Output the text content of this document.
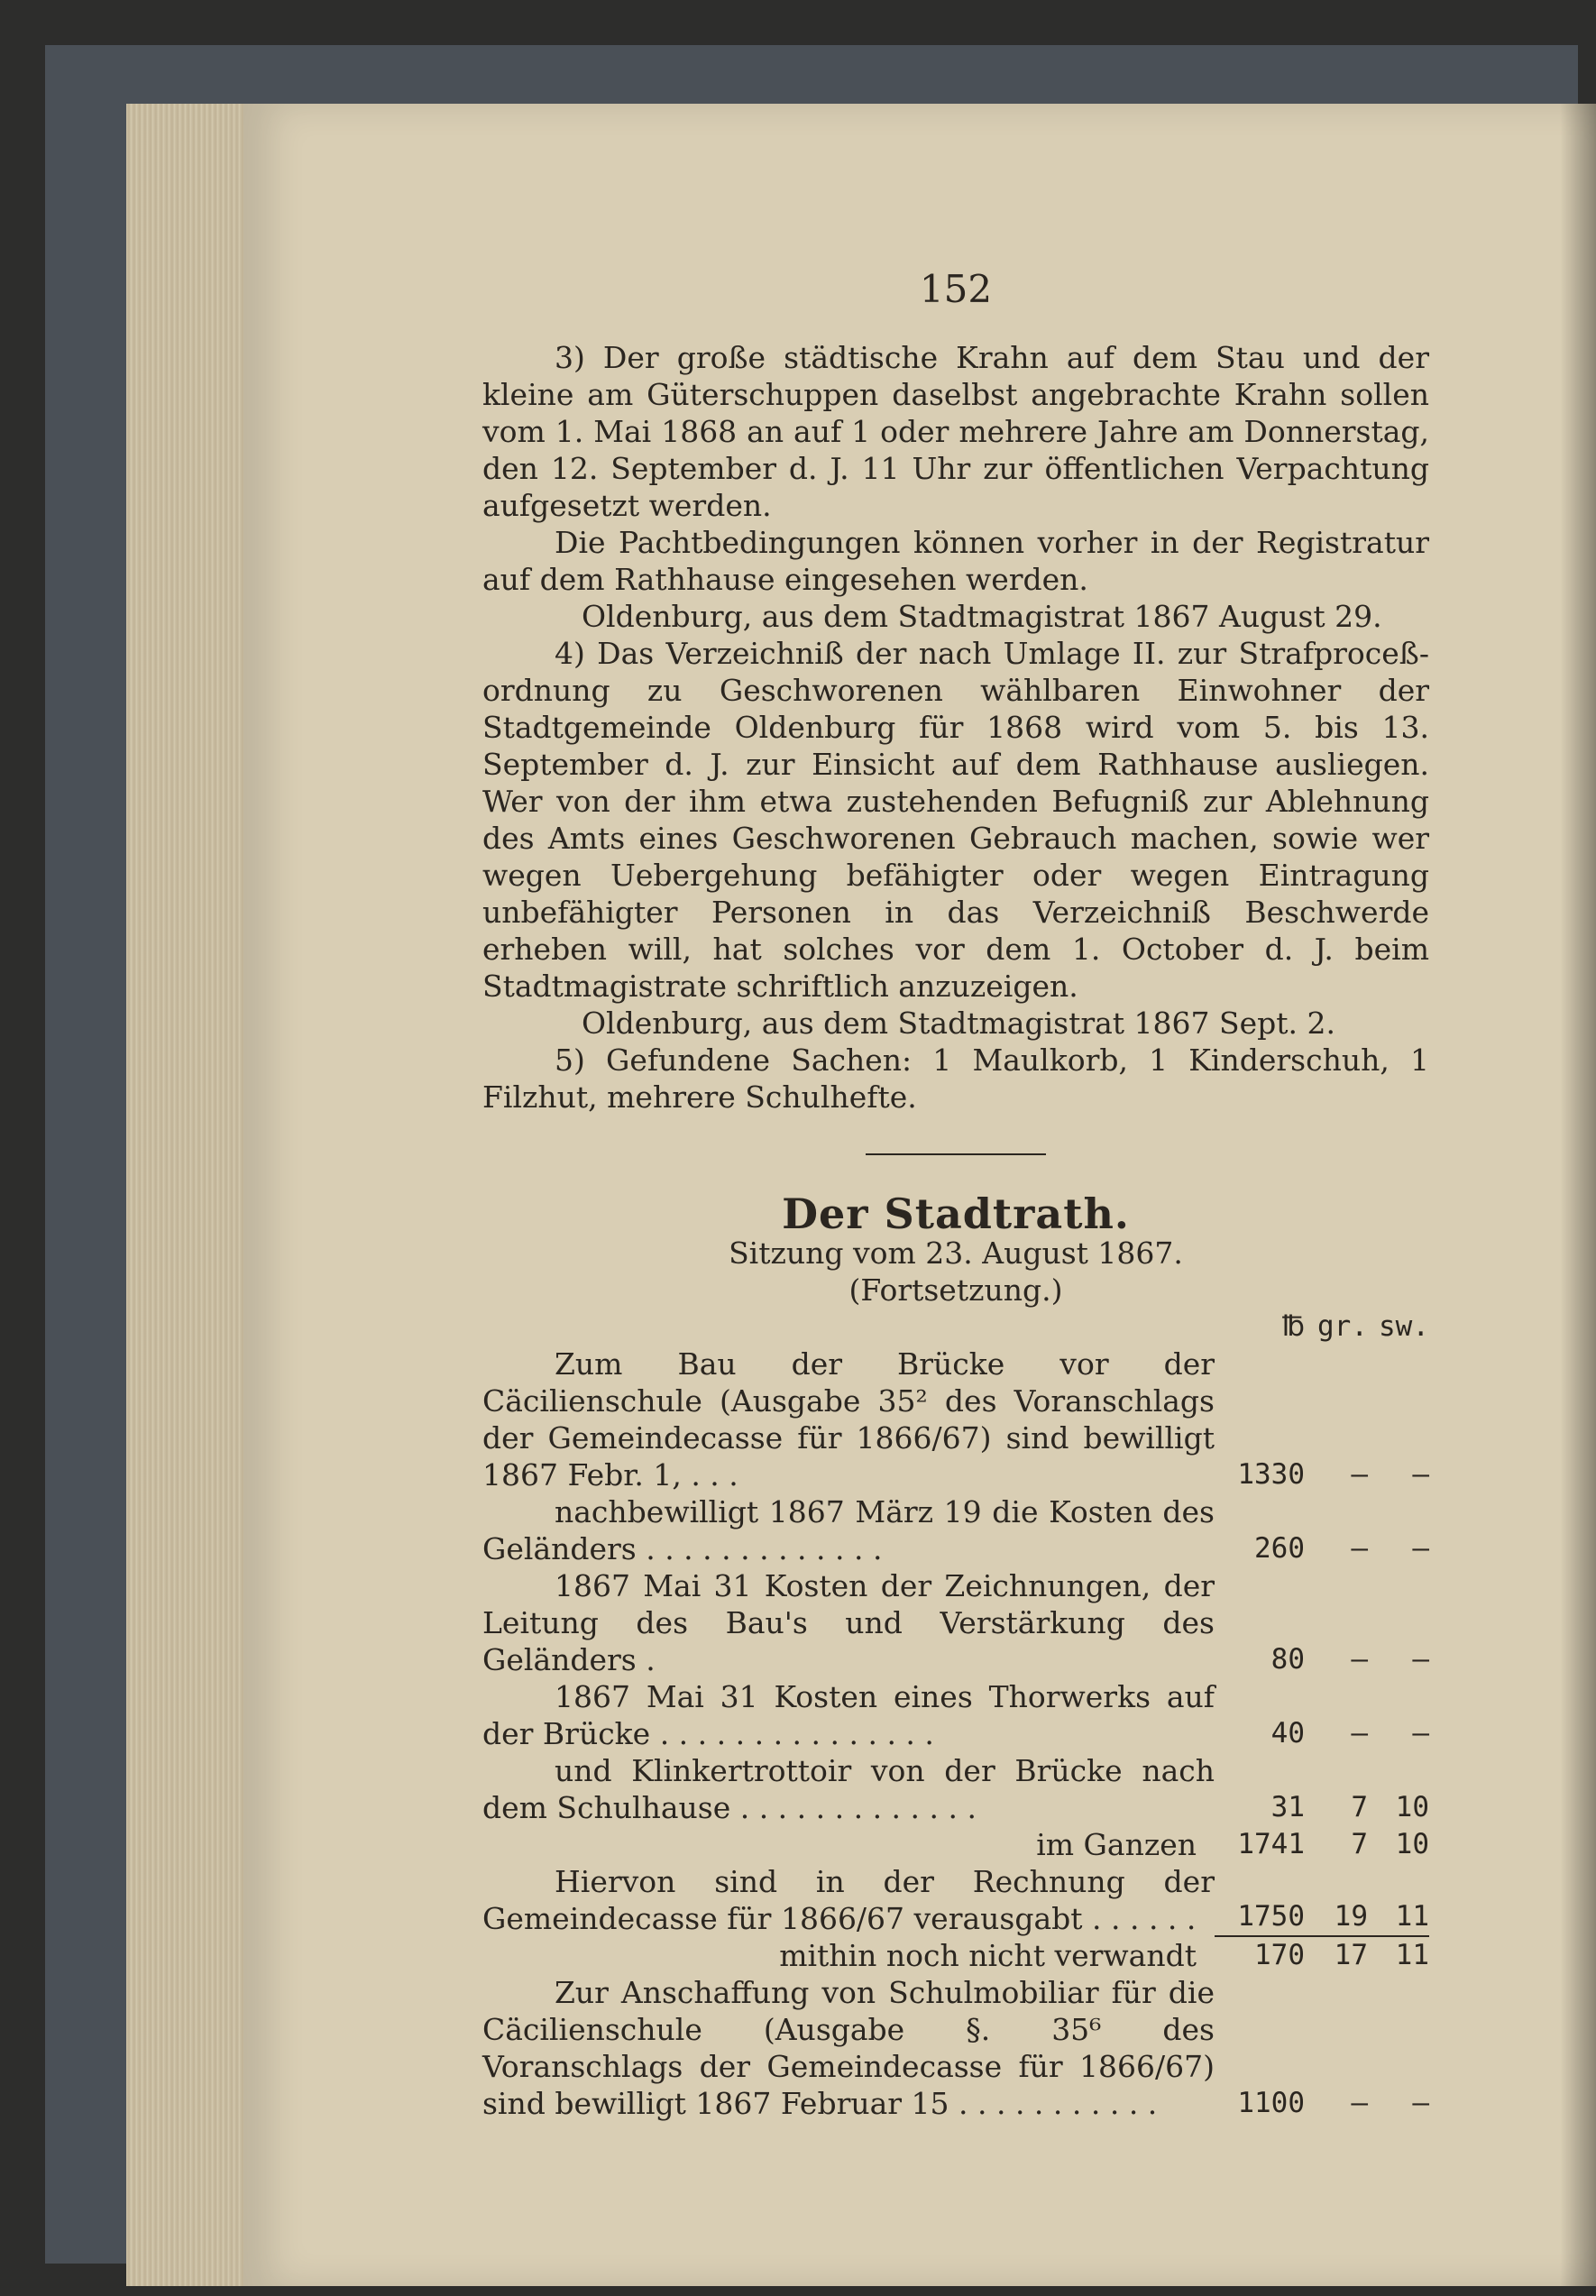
152

3) Der große städtische Krahn auf dem Stau und der kleine am Güterschuppen daselbst angebrachte Krahn sollen vom 1. Mai 1868 an auf 1 oder mehrere Jahre am Donnerstag, den 12. September d. J. 11 Uhr zur öffentlichen Verpachtung aufgesetzt werden.

Die Pachtbedingungen können vorher in der Registratur auf dem Rathhause eingesehen werden.

Oldenburg, aus dem Stadtmagistrat 1867 August 29.

4) Das Verzeichniß der nach Umlage II. zur Strafproceß-ordnung zu Geschworenen wählbaren Einwohner der Stadtgemeinde Oldenburg für 1868 wird vom 5. bis 13. September d. J. zur Einsicht auf dem Rathhause ausliegen. Wer von der ihm etwa zustehenden Befugniß zur Ablehnung des Amts eines Geschworenen Gebrauch machen, sowie wer wegen Uebergehung befähigter oder wegen Eintragung unbefähigter Personen in das Verzeichniß Beschwerde erheben will, hat solches vor dem 1. October d. J. beim Stadtmagistrate schriftlich anzuzeigen.

Oldenburg, aus dem Stadtmagistrat 1867 Sept. 2.

5) Gefundene Sachen: 1 Maulkorb, 1 Kinderschuh, 1 Filzhut, mehrere Schulhefte.

Der Stadtrath.

Sitzung vom 23. August 1867.

(Fortsetzung.)

℔ gr. sw.
Zum Bau der Brücke vor der Cäcilienschule (Ausgabe 35² des Voranschlags der Gemeindecasse für 1866/67) sind bewilligt 1867 Febr. 1, . . .	1330	—	—
nachbewilligt 1867 März 19 die Kosten des Geländers . . . . . . . . . . . . .	260	—	—
1867 Mai 31 Kosten der Zeichnungen, der Leitung des Bau's und Verstärkung des Geländers .	80	—	—
1867 Mai 31 Kosten eines Thorwerks auf der Brücke . . . . . . . . . . . . . . .	40	—	—
und Klinkertrottoir von der Brücke nach dem Schulhause . . . . . . . . . . . . .	31	7 10
im Ganzen	1741	7 10
Hiervon sind in der Rechnung der Gemeindecasse für 1866/67 verausgabt . . . . . .	1750	19 11
mithin noch nicht verwandt	170	17 11
Zur Anschaffung von Schulmobiliar für die Cäcilienschule (Ausgabe §. 35⁶ des Voranschlags der Gemeindecasse für 1866/67) sind bewilligt 1867 Februar 15 . . . . . . . . . . .	1100	—	—
